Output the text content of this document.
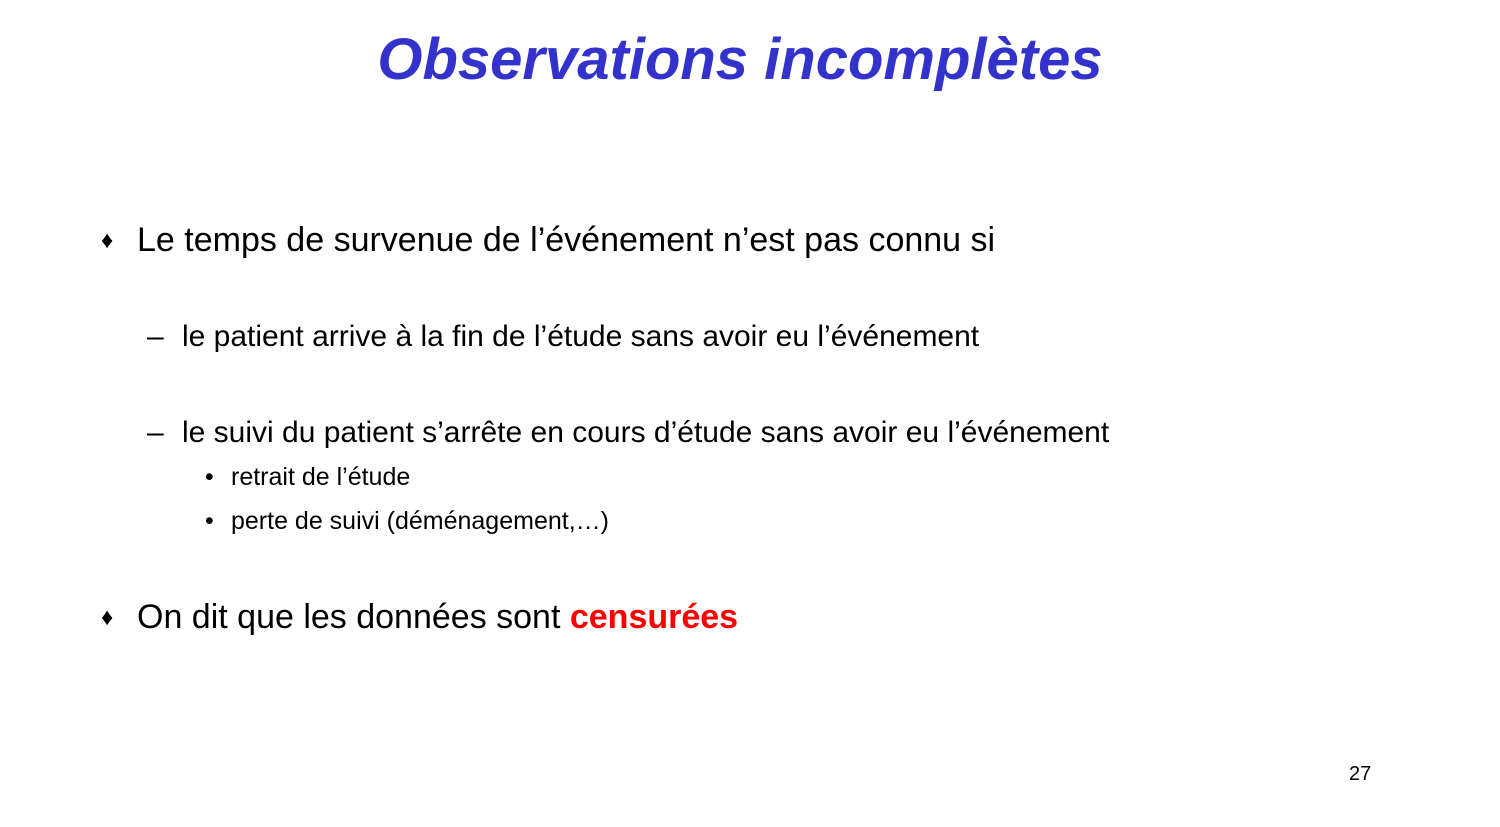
Observations incomplètes
♦ Le temps de survenue de l’événement n’est pas connu si
– le patient arrive à la fin de l’étude sans avoir eu l’événement
– le suivi du patient s’arrête en cours d’étude sans avoir eu l’événement
• retrait de l’étude
• perte de suivi (déménagement,…)
♦ On dit que les données sont censurées
27
